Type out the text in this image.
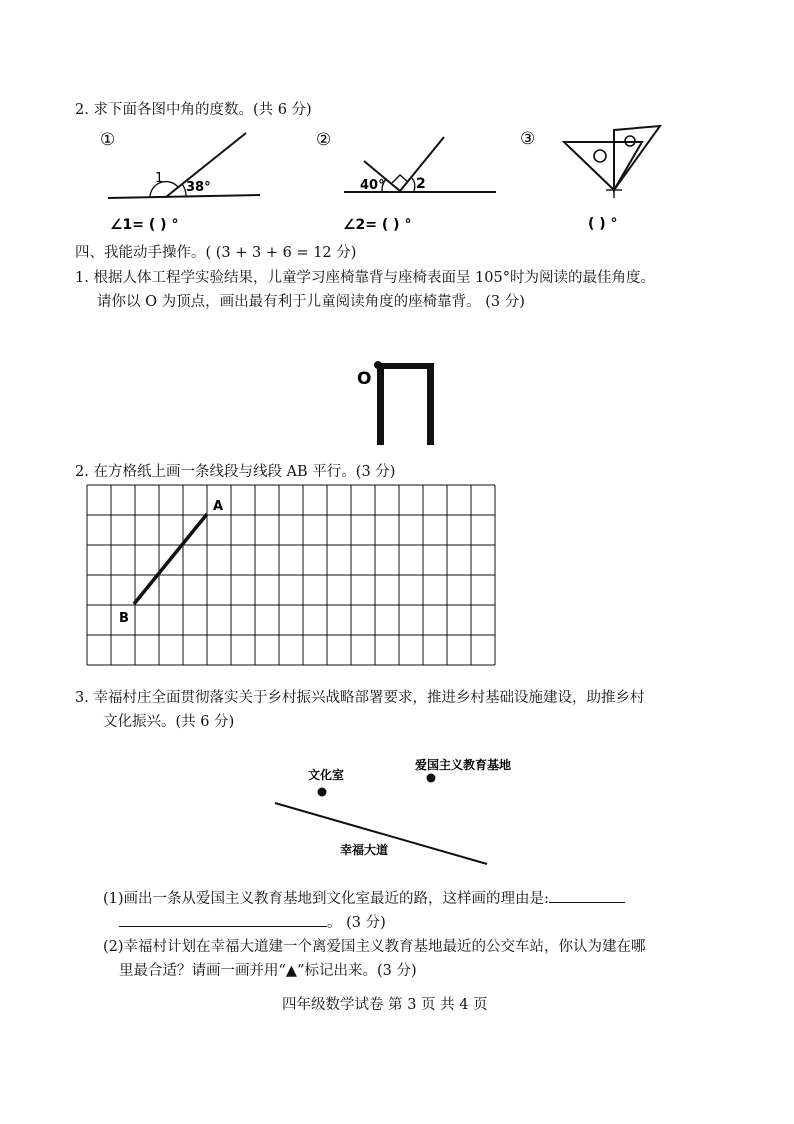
2. 求下面各图中角的度数。(共 6 分)
①
1
38°
∠1= ( ) °
②
40° 2
∠2= ( ) °
③
( ) °
四、我能动手操作。( (3 + 3 + 6 = 12 分)
1. 根据人体工程学实验结果，儿童学习座椅靠背与座椅表面呈 105°时为阅读的最佳角度。
请你以 O 为顶点，画出最有利于儿童阅读角度的座椅靠背。 (3 分)
O
2. 在方格纸上画一条线段与线段 AB 平行。(3 分)
A
B
3. 幸福村庄全面贯彻落实关于乡村振兴战略部署要求，推进乡村基础设施建设，助推乡村
文化振兴。(共 6 分)
文化室
爱国主义教育基地
幸福大道
(1)画出一条从爱国主义教育基地到文化室最近的路，这样画的理由是:
。 (3 分)
(2)幸福村计划在幸福大道建一个离爱国主义教育基地最近的公交车站，你认为建在哪
里最合适？请画一画并用“▲”标记出来。(3 分)
四年级数学试卷 第 3 页 共 4 页
